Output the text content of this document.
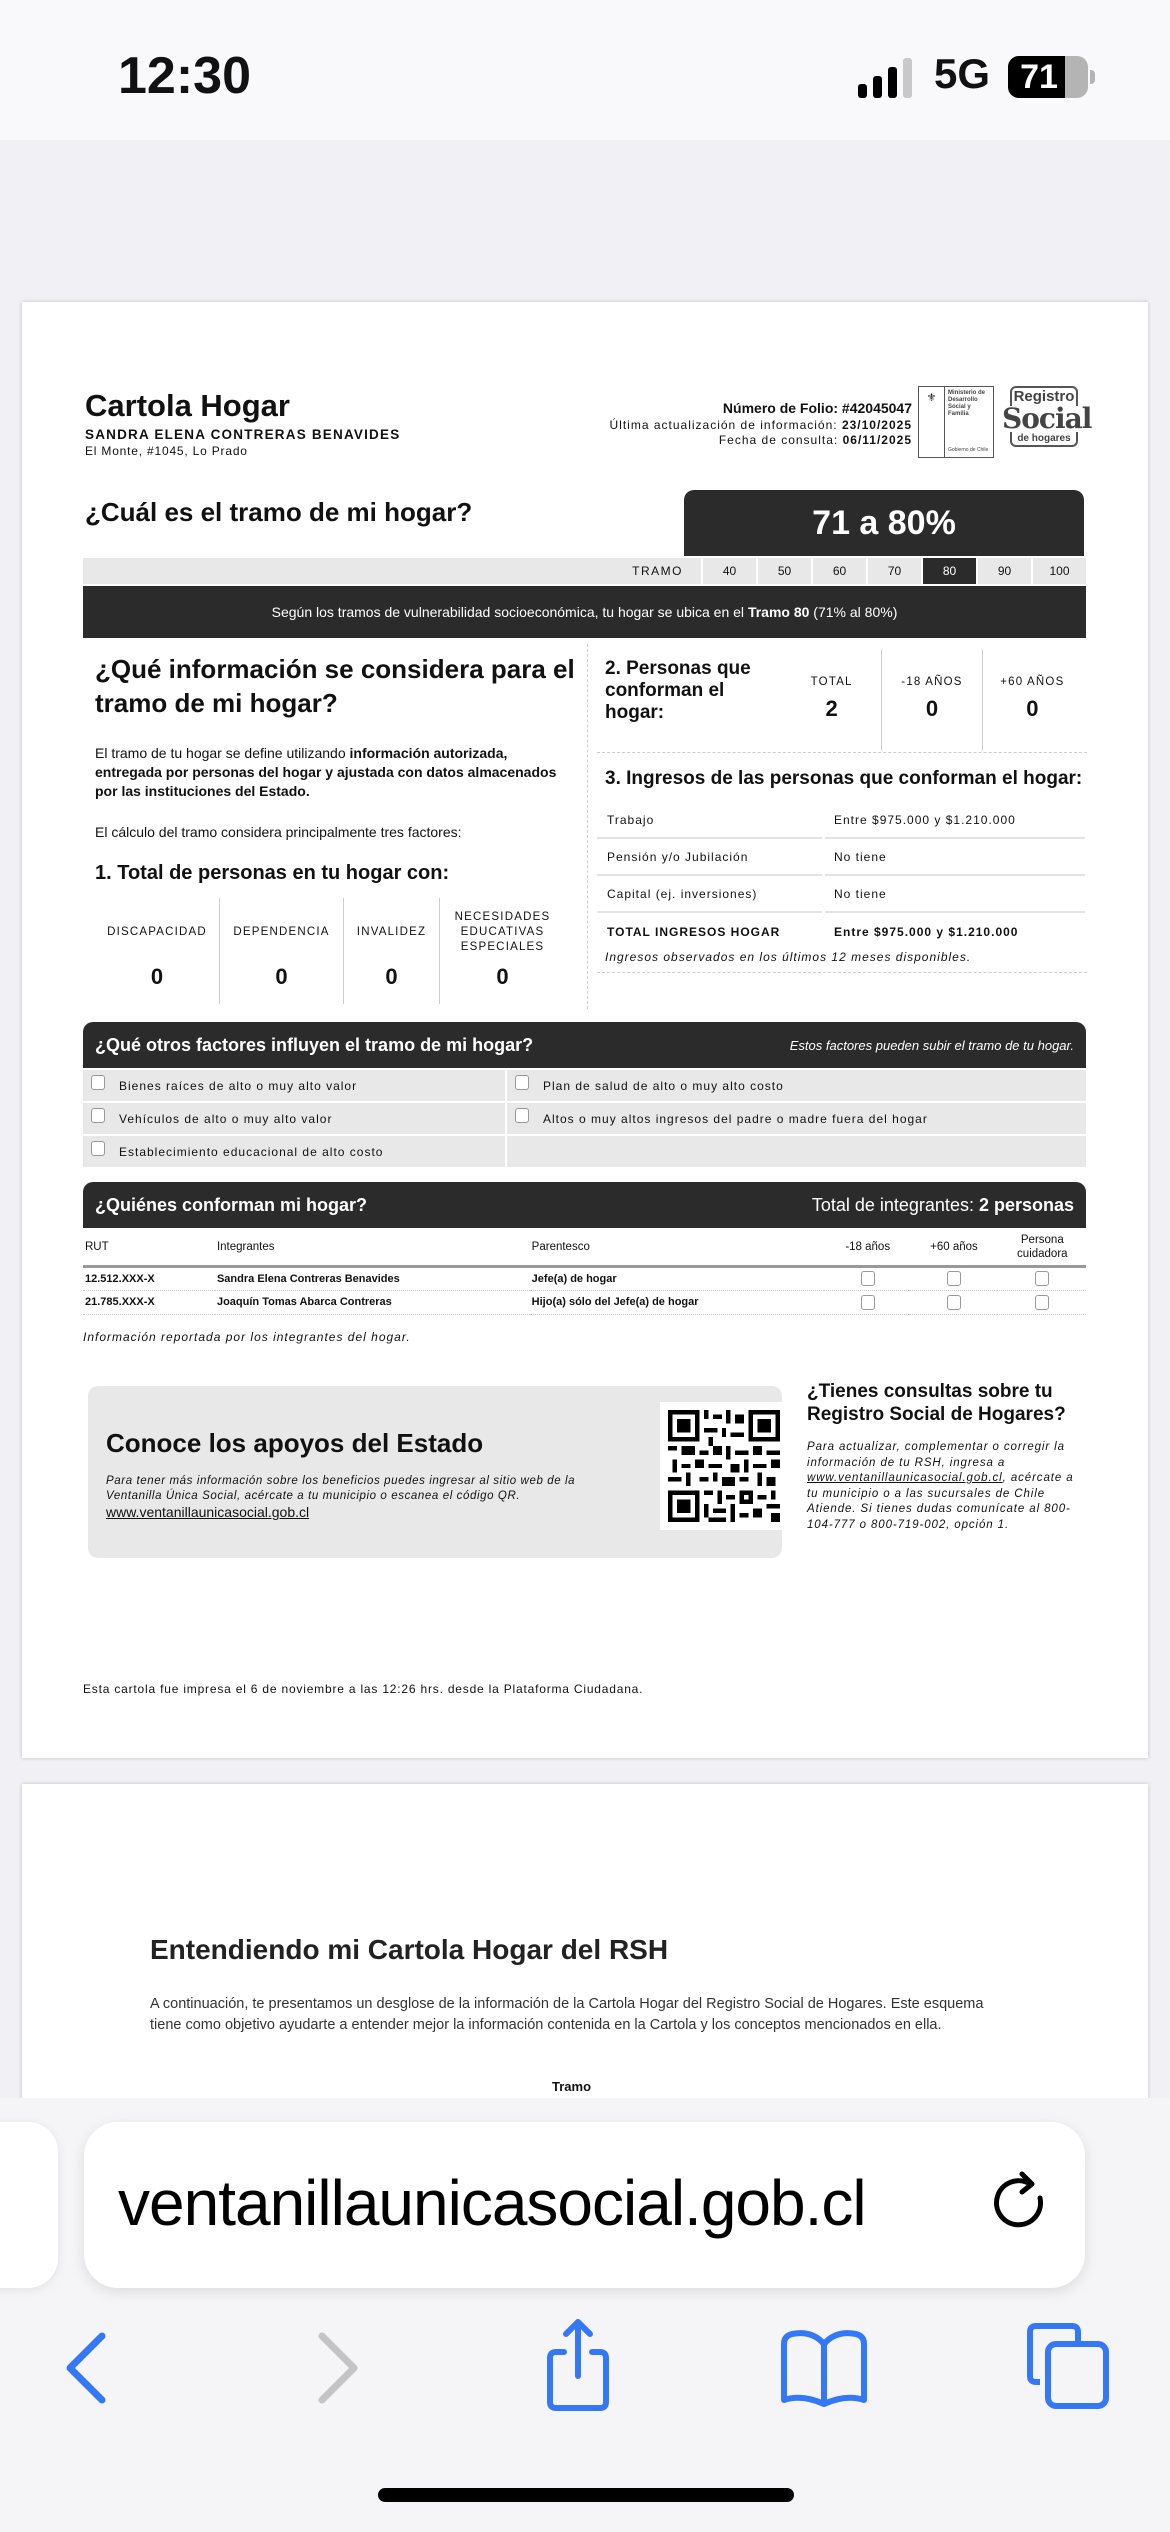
12:30	5G 71
Cartola Hogar
SANDRA ELENA CONTRERAS BENAVIDES
El Monte, #1045, Lo Prado
Número de Folio: #42045047
Última actualización de información: 23/10/2025
Fecha de consulta: 06/11/2025
⚜	Ministerio de
Desarrollo
Social y
Familia
Gobierno de Chile
Registro
Social
de hogares
¿Cuál es el tramo de mi hogar?	71 a 80%
TRAMO	40	50	60	70	80	90	100
Según los tramos de vulnerabilidad socioeconómica, tu hogar se ubica en el Tramo 80 (71% al 80%)
¿Qué información se considera para el tramo de mi hogar?
El tramo de tu hogar se define utilizando información autorizada, entregada por personas del hogar y ajustada con datos almacenados por las instituciones del Estado.
El cálculo del tramo considera principalmente tres factores:
1. Total de personas en tu hogar con:
DISCAPACIDAD
0
DEPENDENCIA
0
INVALIDEZ
0
NECESIDADES EDUCATIVAS ESPECIALES
0
2. Personas que conforman el hogar:
TOTAL
2
-18 AÑOS
0
+60 AÑOS
0
3. Ingresos de las personas que conforman el hogar:
Trabajo	Entre $975.000 y $1.210.000
Pensión y/o Jubilación	No tiene
Capital (ej. inversiones)	No tiene
TOTAL INGRESOS HOGAR	Entre $975.000 y $1.210.000
Ingresos observados en los últimos 12 meses disponibles.
¿Qué otros factores influyen el tramo de mi hogar?	Estos factores pueden subir el tramo de tu hogar.
Bienes raíces de alto o muy alto valor	Plan de salud de alto o muy alto costo
Vehículos de alto o muy alto valor	Altos o muy altos ingresos del padre o madre fuera del hogar
Establecimiento educacional de alto costo
¿Quiénes conforman mi hogar?	Total de integrantes: 2 personas
RUT	Integrantes	Parentesco	-18 años	+60 años	Persona cuidadora
12.512.XXX-X	Sandra Elena Contreras Benavides	Jefe(a) de hogar			
21.785.XXX-X	Joaquín Tomas Abarca Contreras	Hijo(a) sólo del Jefe(a) de hogar			
Información reportada por los integrantes del hogar.
Conoce los apoyos del Estado
Para tener más información sobre los beneficios puedes ingresar al sitio web de la Ventanilla Única Social, acércate a tu municipio o escanea el código QR.
www.ventanillaunicasocial.gob.cl
¿Tienes consultas sobre tu Registro Social de Hogares?
Para actualizar, complementar o corregir la información de tu RSH, ingresa a www.ventanillaunicasocial.gob.cl, acércate a tu municipio o a las sucursales de Chile Atiende. Si tienes dudas comunícate al 800-104-777 o 800-719-002, opción 1.
Esta cartola fue impresa el 6 de noviembre a las 12:26 hrs. desde la Plataforma Ciudadana.
Entendiendo mi Cartola Hogar del RSH
A continuación, te presentamos un desglose de la información de la Cartola Hogar del Registro Social de Hogares. Este esquema tiene como objetivo ayudarte a entender mejor la información contenida en la Cartola y los conceptos mencionados en ella.
Tramo
ventanillaunicasocial.gob.cl
